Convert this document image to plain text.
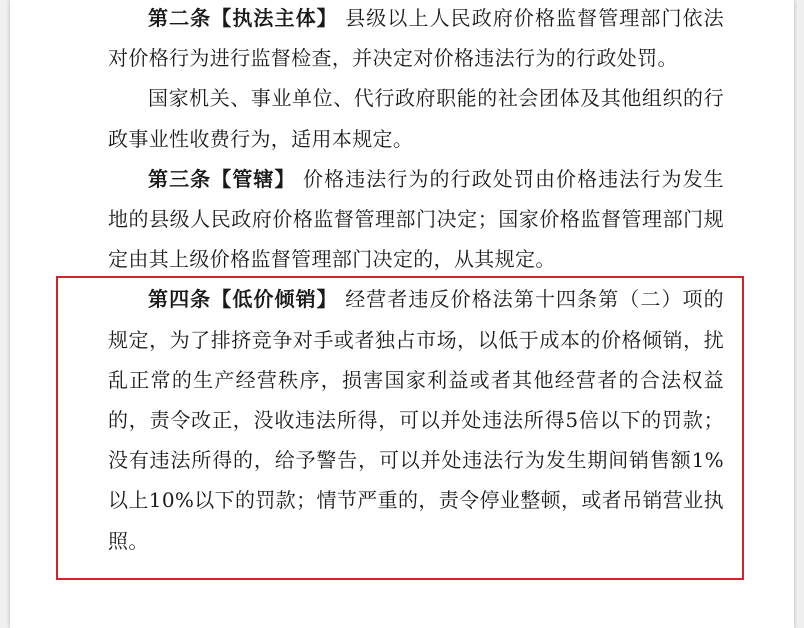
第二条【执法主体】 县级以上人民政府价格监督管理部门依法对价格行为进行监督检查，并决定对价格违法行为的行政处罚。

国家机关、事业单位、代行政府职能的社会团体及其他组织的行政事业性收费行为，适用本规定。

第三条【管辖】 价格违法行为的行政处罚由价格违法行为发生地的县级人民政府价格监督管理部门决定；国家价格监督管理部门规定由其上级价格监督管理部门决定的，从其规定。

第四条【低价倾销】 经营者违反价格法第十四条第（二）项的规定，为了排挤竞争对手或者独占市场，以低于成本的价格倾销，扰乱正常的生产经营秩序，损害国家利益或者其他经营者的合法权益的，责令改正，没收违法所得，可以并处违法所得5倍以下的罚款；没有违法所得的，给予警告，可以并处违法行为发生期间销售额1%以上10%以下的罚款；情节严重的，责令停业整顿，或者吊销营业执照。
